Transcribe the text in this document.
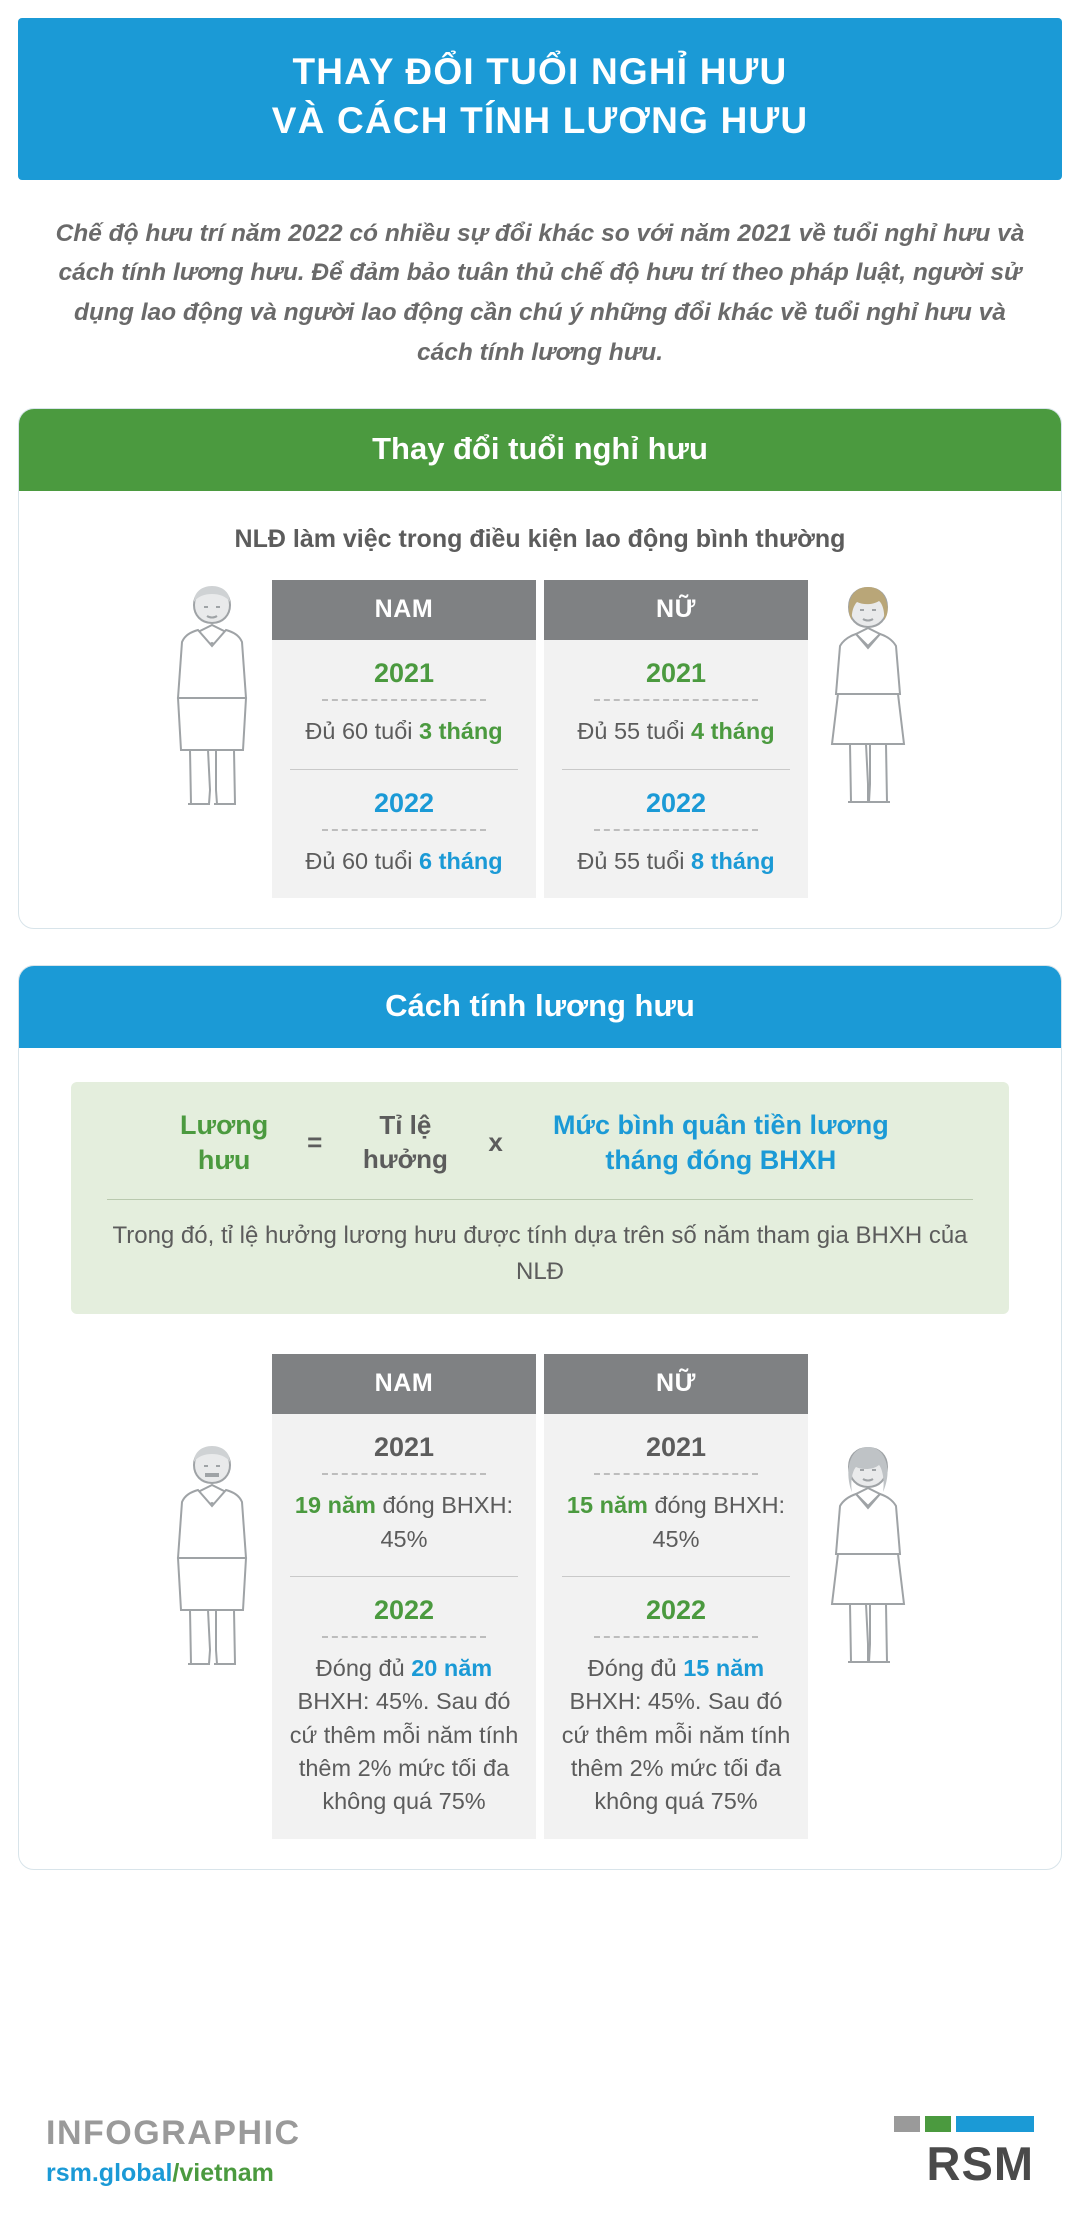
THAY ĐỔI TUỔI NGHỈ HƯU
VÀ CÁCH TÍNH LƯƠNG HƯU
Chế độ hưu trí năm 2022 có nhiều sự đổi khác so với năm 2021 về tuổi nghỉ hưu và cách tính lương hưu. Để đảm bảo tuân thủ chế độ hưu trí theo pháp luật, người sử dụng lao động và người lao động cần chú ý những đổi khác về tuổi nghỉ hưu và cách tính lương hưu.
Thay đổi tuổi nghỉ hưu
NLĐ làm việc trong điều kiện lao động bình thường
NAM
2021
Đủ 60 tuổi 3 tháng
2022
Đủ 60 tuổi 6 tháng
NỮ
2021
Đủ 55 tuổi 4 tháng
2022
Đủ 55 tuổi 8 tháng
Cách tính lương hưu
Lương hưu
=
Tỉ lệ hưởng
x
Mức bình quân tiền lương tháng đóng BHXH
Trong đó, tỉ lệ hưởng lương hưu được tính dựa trên số năm tham gia BHXH của NLĐ
NAM
2021
19 năm đóng BHXH: 45%
2022
Đóng đủ 20 năm
BHXH: 45%. Sau đó cứ thêm mỗi năm tính thêm 2% mức tối đa không quá 75%
NỮ
2021
15 năm đóng BHXH: 45%
2022
Đóng đủ 15 năm
BHXH: 45%. Sau đó cứ thêm mỗi năm tính thêm 2% mức tối đa không quá 75%
INFOGRAPHIC
rsm.global/vietnam	RSM
